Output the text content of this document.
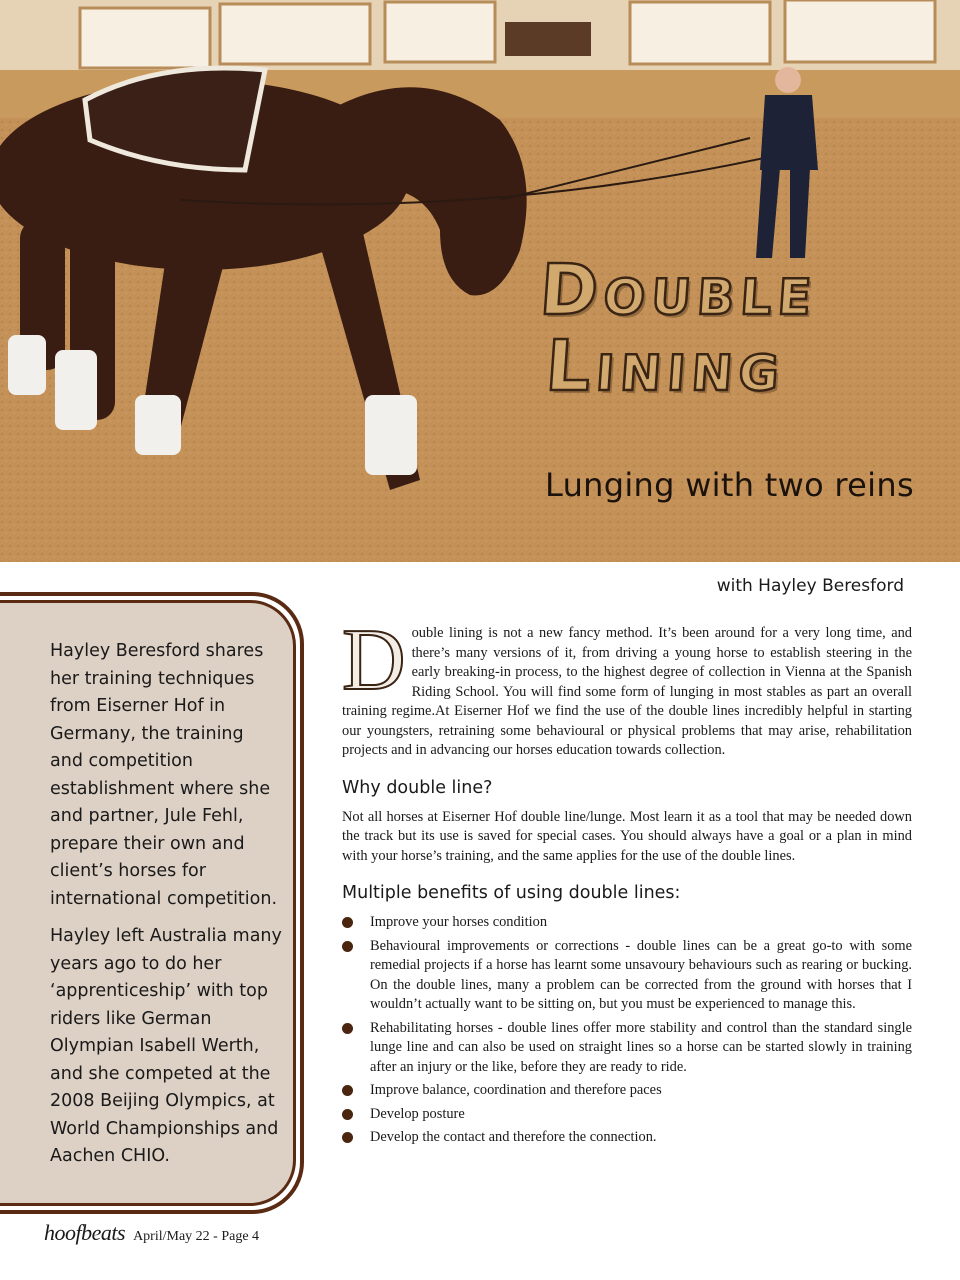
Double
Lining
Lunging with two reins
with Hayley Beresford

Hayley Beresford shares her training techniques from Eiserner Hof in Germany, the training and competition establishment where she and partner, Jule Fehl, prepare their own and client’s horses for international competition.

Hayley left Australia many years ago to do her ‘apprenticeship’ with top riders like German Olympian Isabell Werth, and she competed at the 2008 Beijing Olympics, at World Championships and Aachen CHIO.

Double lining is not a new fancy method. It’s been around for a very long time, and there’s many versions of it, from driving a young horse to establish steering in the early breaking-in process, to the highest degree of collection in Vienna at the Spanish Riding School. You will find some form of lunging in most stables as part an overall training regime.At Eiserner Hof we find the use of the double lines incredibly helpful in starting our youngsters, retraining some behavioural or physical problems that may arise, rehabilitation projects and in advancing our horses education towards collection.

Why double line?

Not all horses at Eiserner Hof double line/lunge. Most learn it as a tool that may be needed down the track but its use is saved for special cases. You should always have a goal or a plan in mind with your horse’s training, and the same applies for the use of the double lines.

Multiple benefits of using double lines:
Improve your horses condition
Behavioural improvements or corrections - double lines can be a great go-to with some remedial projects if a horse has learnt some unsavoury behaviours such as rearing or bucking. On the double lines, many a problem can be corrected from the ground with horses that I wouldn’t actually want to be sitting on, but you must be experienced to manage this.
Rehabilitating horses - double lines offer more stability and control than the standard single lunge line and can also be used on straight lines so a horse can be started slowly in training after an injury or the like, before they are ready to ride.
Improve balance, coordination and therefore paces
Develop posture
Develop the contact and therefore the connection.
hoofbeats April/May 22 - Page 4
